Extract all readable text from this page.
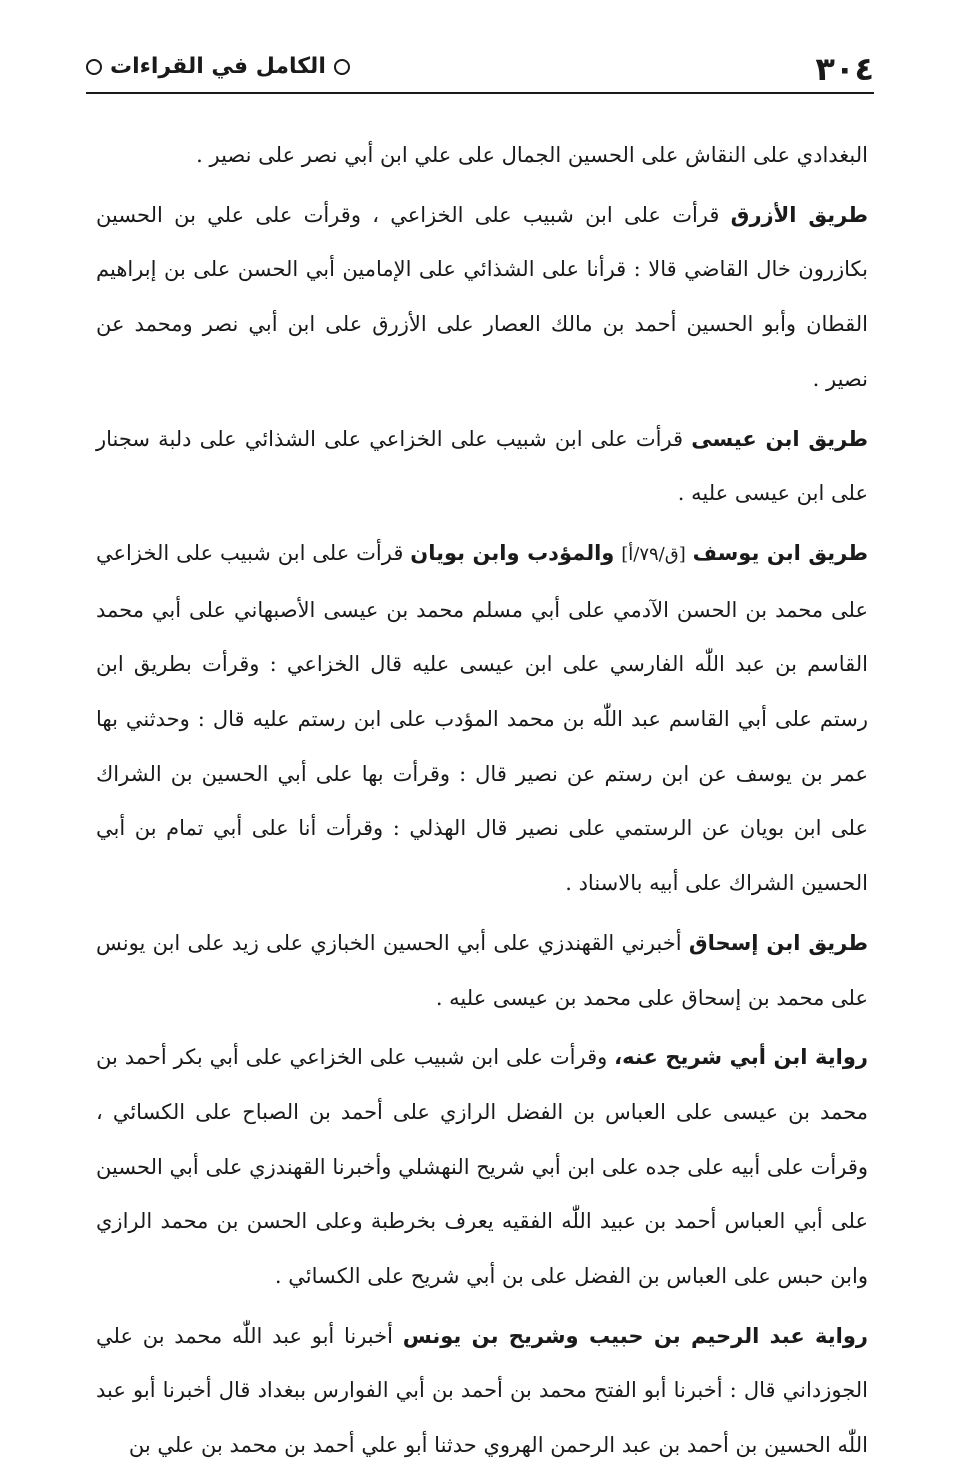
٣٠٤
الكامل في القراءات

البغدادي على النقاش على الحسين الجمال على علي ابن أبي نصر على نصير .

طريق الأزرق قرأت على ابن شبيب على الخزاعي ، وقرأت على علي بن الحسين بكازرون خال القاضي قالا : قرأنا على الشذائي على الإمامين أبي الحسن على بن إبراهيم القطان وأبو الحسين أحمد بن مالك العصار على الأزرق على ابن أبي نصر ومحمد عن نصير .

طريق ابن عيسى قرأت على ابن شبيب على الخزاعي على الشذائي على دلبة سجنار على ابن عيسى عليه .

طريق ابن يوسف [ق/٧٩/أ] والمؤدب وابن بويان قرأت على ابن شبيب على الخزاعي على محمد بن الحسن الآدمي على أبي مسلم محمد بن عيسى الأصبهاني على أبي محمد القاسم بن عبد اللّٰه الفارسي على ابن عيسى عليه قال الخزاعي : وقرأت بطريق ابن رستم على أبي القاسم عبد اللّٰه بن محمد المؤدب على ابن رستم عليه قال : وحدثني بها عمر بن يوسف عن ابن رستم عن نصير قال : وقرأت بها على أبي الحسين بن الشراك على ابن بويان عن الرستمي على نصير قال الهذلي : وقرأت أنا على أبي تمام بن أبي الحسين الشراك على أبيه بالاسناد .

طريق ابن إسحاق أخبرني القهندزي على أبي الحسين الخبازي على زيد على ابن يونس على محمد بن إسحاق على محمد بن عيسى عليه .

رواية ابن أبي شريح عنه، وقرأت على ابن شبيب على الخزاعي على أبي بكر أحمد بن محمد بن عيسى على العباس بن الفضل الرازي على أحمد بن الصباح على الكسائي ، وقرأت على أبيه على جده على ابن أبي شريح النهشلي وأخبرنا القهندزي على أبي الحسين على أبي العباس أحمد بن عبيد اللّٰه الفقيه يعرف بخرطبة وعلى الحسن بن محمد الرازي وابن حبس على العباس بن الفضل على بن أبي شريح على الكسائي .

رواية عبد الرحيم بن حبيب وشريح بن يونس أخبرنا أبو عبد اللّٰه محمد بن علي الجوزداني قال : أخبرنا أبو الفتح محمد بن أحمد بن أبي الفوارس ببغداد قال أخبرنا أبو عبد اللّٰه الحسين بن أحمد بن عبد الرحمن الهروي حدثنا أبو علي أحمد بن محمد بن علي بن
